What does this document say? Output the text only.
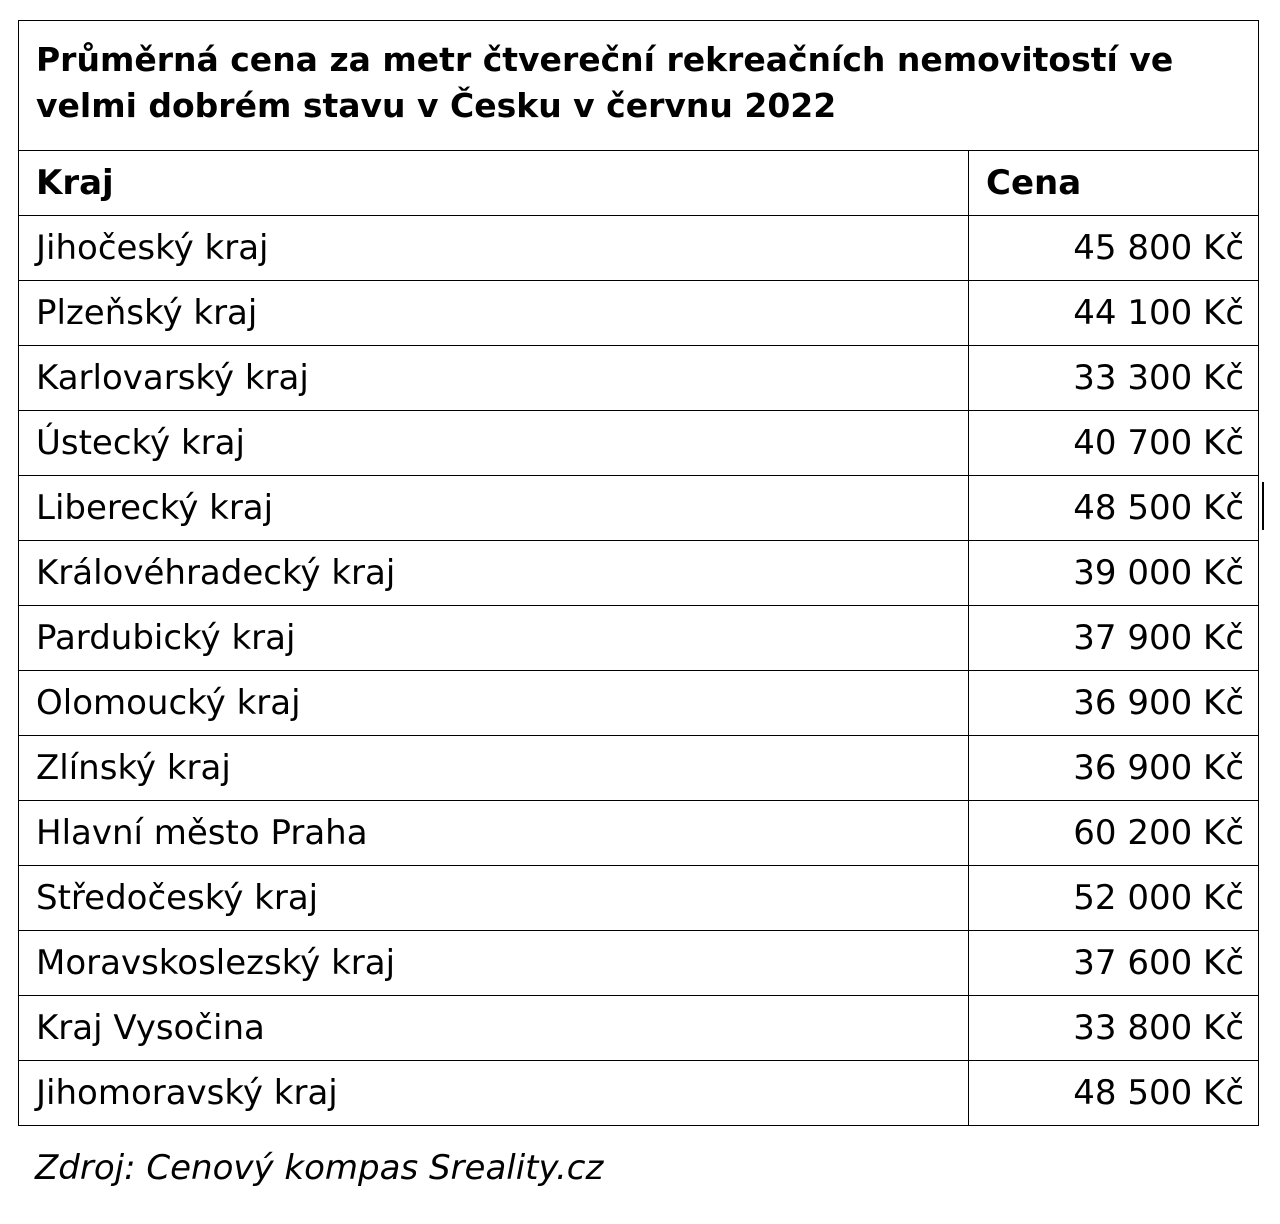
Průměrná cena za metr čtvereční rekreačních nemovitostí ve velmi dobrém stavu v Česku v červnu 2022	
Kraj	Cena
Jihočeský kraj	45 800 Kč
Plzeňský kraj	44 100 Kč
Karlovarský kraj	33 300 Kč
Ústecký kraj	40 700 Kč
Liberecký kraj	48 500 Kč
Královéhradecký kraj	39 000 Kč
Pardubický kraj	37 900 Kč
Olomoucký kraj	36 900 Kč
Zlínský kraj	36 900 Kč
Hlavní město Praha	60 200 Kč
Středočeský kraj	52 000 Kč
Moravskoslezský kraj	37 600 Kč
Kraj Vysočina	33 800 Kč
Jihomoravský kraj	48 500 Kč
Zdroj: Cenový kompas Sreality.cz
